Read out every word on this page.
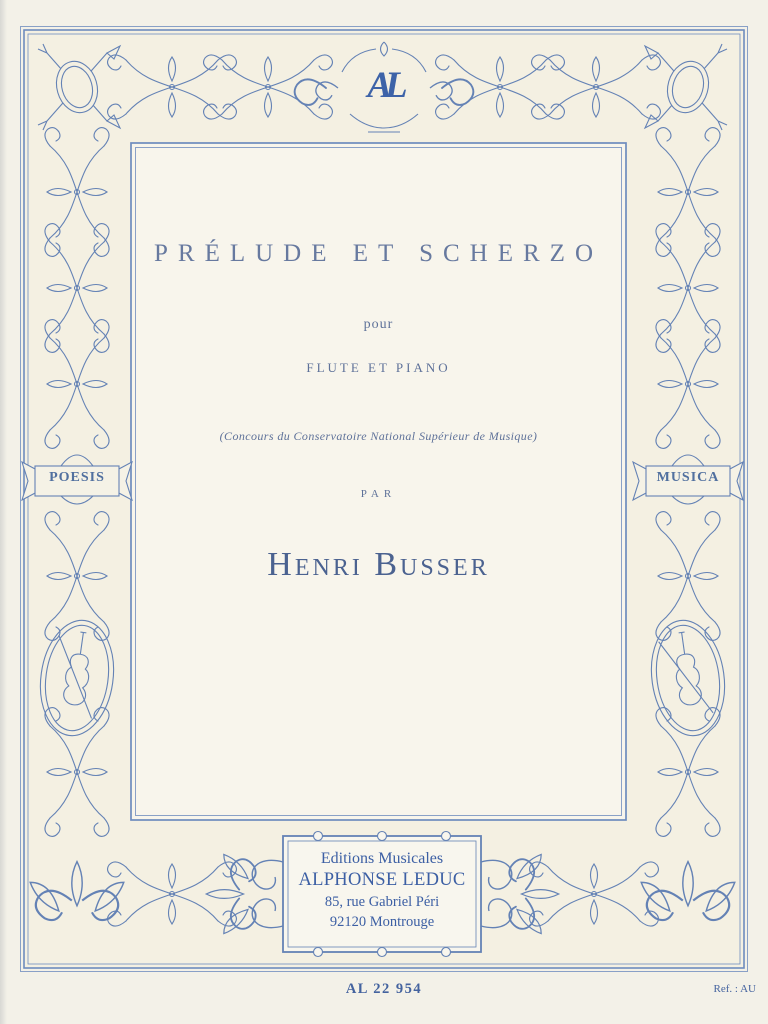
AL
POESIS	MUSICA
PRÉLUDE ET SCHERZO
pour
FLUTE ET PIANO
(Concours du Conservatoire National Supérieur de Musique)
PAR
Henri Busser
Editions Musicales
ALPHONSE LEDUC
85, rue Gabriel Péri
92120 Montrouge
AL 22 954	Ref. : AU
